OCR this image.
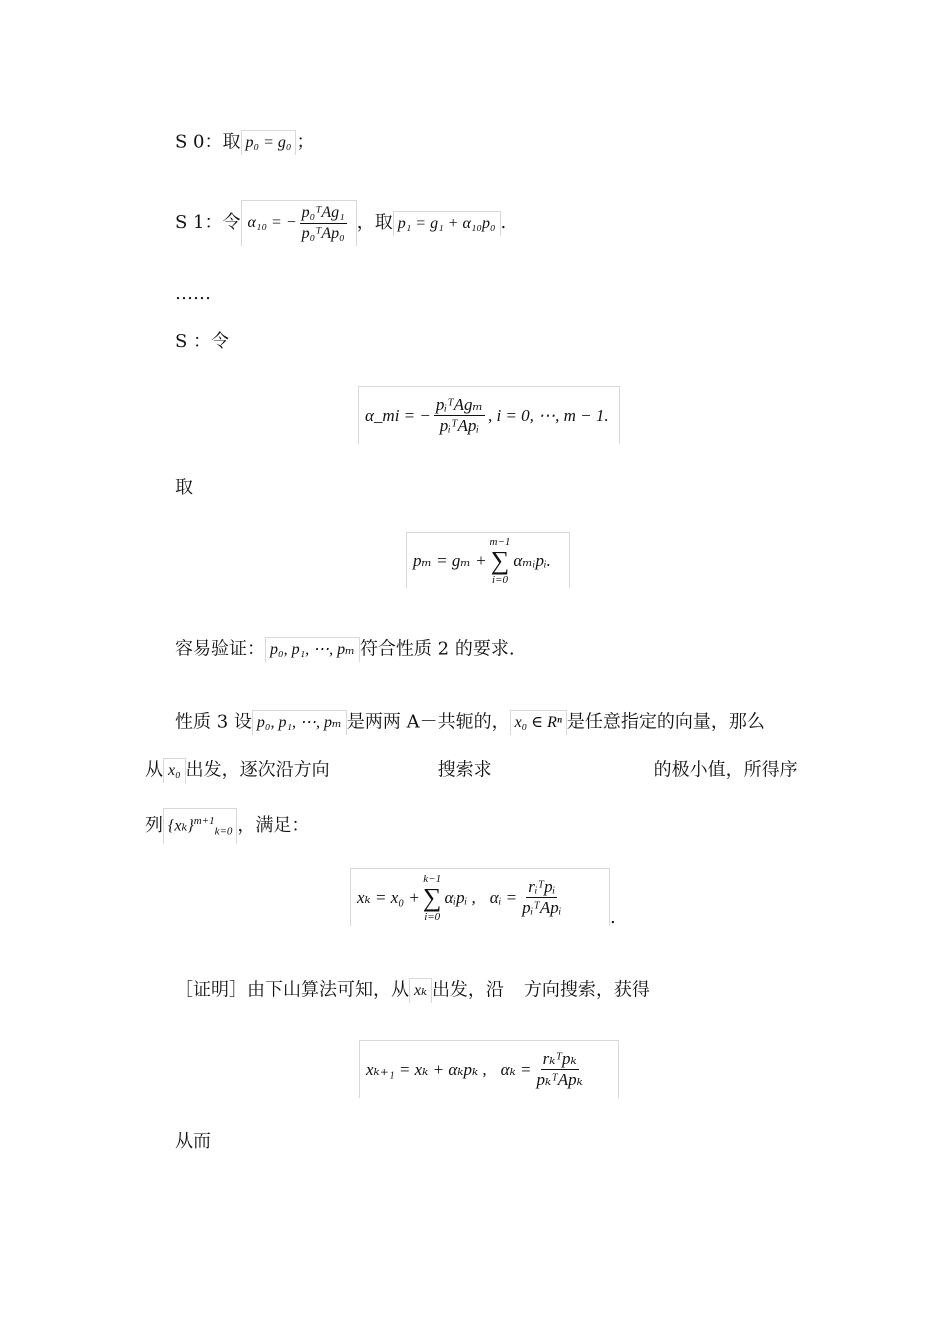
S 0：取 p₀ = g₀ ；
S 1：令 α₁₀ = − $\frac{\text{p₀ᵀAg₁}}{\text{p₀ᵀAp₀}}$ ，取 p₁ = g₁ + α₁₀p₀ .
……
S ：令
α_mi = − $\frac{\text{pᵢᵀAgₘ}}{\text{pᵢᵀApᵢ}}$ , i = 0, ⋯, m − 1.
取
pₘ = gₘ +
m−1
∑
i=0
αₘᵢpᵢ.
容易验证： p₀, p₁, ⋯, pₘ 符合性质 2 的要求.
性质 3 设 p₀, p₁, ⋯, pₘ 是两两 A－共轭的， x₀ ∈ Rⁿ 是任意指定的向量，那么
从 x₀ 出发，逐次沿方向	搜索求	的极小值，所得序
列 $\{x_k\}^{m+1}_{k=0}$ ，满足：
xₖ = x₀ +
k−1
∑
i=0
αᵢpᵢ , αᵢ = $\frac{\text{rᵢᵀpᵢ}}{\text{pᵢᵀApᵢ}}$	.
［证明］由下山算法可知，从 xₖ 出发，沿 方向搜索，获得
xₖ₊₁ = xₖ + αₖpₖ , $\alpha_k = \frac{\text{rₖᵀpₖ}}{\text{pₖᵀApₖ}}$
从而
